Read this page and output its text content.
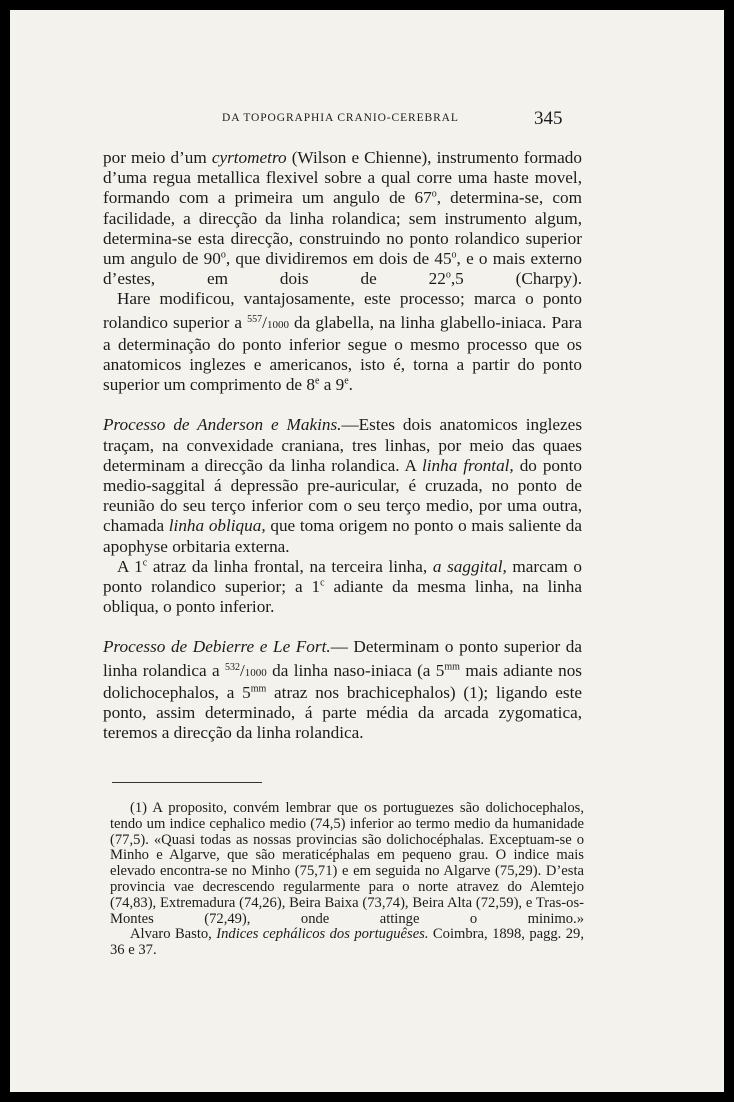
DA TOPOGRAPHIA CRANIO-CEREBRAL	345

por meio d’um cyrtometro (Wilson e Chienne), instrumento formado d’uma regua metallica flexivel sobre a qual corre uma haste movel, formando com a primeira um angulo de 67$^o$, determina-se, com facilidade, a direcção da linha rolandica; sem instrumento algum, determina-se esta direcção, construindo no ponto rolandico superior um angulo de 90$^o$, que dividiremos em dois de 45$^o$, e o mais externo d’estes, em dois de 22$^o$,5 (Charpy).

Hare modificou, vantajosamente, este processo; marca o ponto rolandico superior a $^{557}$/1000 da glabella, na linha glabello-iniaca. Para a determinação do ponto inferior segue o mesmo processo que os anatomicos inglezes e americanos, isto é, torna a partir do ponto superior um comprimento de 8e a 9e.

Processo de Anderson e Makins.—Estes dois anatomicos inglezes traçam, na convexidade craniana, tres linhas, por meio das quaes determinam a direcção da linha rolandica. A linha frontal, do ponto medio-saggital á depressão pre-auricular, é cruzada, no ponto de reunião do seu terço inferior com o seu terço medio, por uma outra, chamada linha obliqua, que toma origem no ponto o mais saliente da apophyse orbitaria externa.

A 1$^c$ atraz da linha frontal, na terceira linha, a saggital, marcam o ponto rolandico superior; a 1$^c$ adiante da mesma linha, na linha obliqua, o ponto inferior.

Processo de Debierre e Le Fort.— Determinam o ponto superior da linha rolandica a $^{532}$/1000 da linha naso-iniaca (a $5^{mm}$ mais adiante nos dolichocephalos, a $5^{mm}$ atraz nos brachicephalos) (1); ligando este ponto, assim determinado, á parte média da arcada zygomatica, teremos a direcção da linha rolandica.

(1) A proposito, convém lembrar que os portuguezes são dolichocephalos, tendo um indice cephalico medio (74,5) inferior ao termo medio da humanidade (77,5). «Quasi todas as nossas provincias são dolichocéphalas. Exceptuam-se o Minho e Algarve, que são meraticéphalas em pequeno grau. O indice mais elevado encontra-se no Minho (75,71) e em seguida no Algarve (75,29). D’esta provincia vae decrescendo regularmente para o norte atravez do Alemtejo (74,83), Extremadura (74,26), Beira Baixa (73,74), Beira Alta (72,59), e Tras-os-Montes (72,49), onde attinge o minimo.»

Alvaro Basto, Indices cephálicos dos portuguêses. Coimbra, 1898, pagg. 29, 36 e 37.
